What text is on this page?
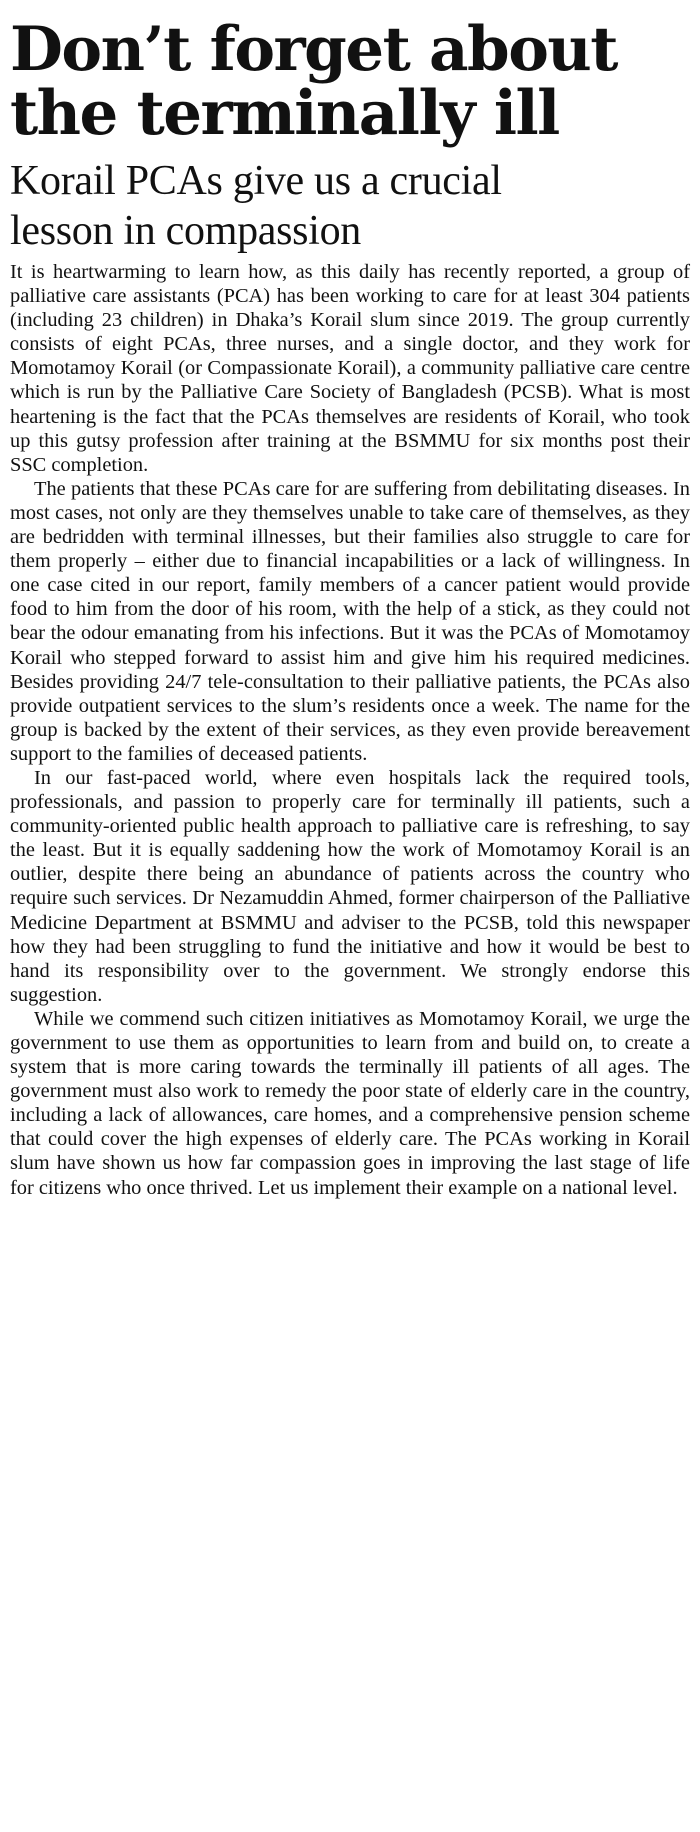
Don’t forget about the terminally ill
Korail PCAs give us a crucial lesson in compassion

It is heartwarming to learn how, as this daily has recently reported, a group of palliative care assistants (PCA) has been working to care for at least 304 patients (including 23 children) in Dhaka’s Korail slum since 2019. The group currently consists of eight PCAs, three nurses, and a single doctor, and they work for Momotamoy Korail (or Compassionate Korail), a community palliative care centre which is run by the Palliative Care Society of Bangladesh (PCSB). What is most heartening is the fact that the PCAs themselves are residents of Korail, who took up this gutsy profession after training at the BSMMU for six months post their SSC completion.

The patients that these PCAs care for are suffering from debilitating diseases. In most cases, not only are they themselves unable to take care of themselves, as they are bedridden with terminal illnesses, but their families also struggle to care for them properly – either due to financial incapabilities or a lack of willingness. In one case cited in our report, family members of a cancer patient would provide food to him from the door of his room, with the help of a stick, as they could not bear the odour emanating from his infections. But it was the PCAs of Momotamoy Korail who stepped forward to assist him and give him his required medicines. Besides providing 24/7 tele-consultation to their palliative patients, the PCAs also provide outpatient services to the slum’s residents once a week. The name for the group is backed by the extent of their services, as they even provide bereavement support to the families of deceased patients.

In our fast-paced world, where even hospitals lack the required tools, professionals, and passion to properly care for terminally ill patients, such a community-oriented public health approach to palliative care is refreshing, to say the least. But it is equally saddening how the work of Momotamoy Korail is an outlier, despite there being an abundance of patients across the country who require such services. Dr Nezamuddin Ahmed, former chairperson of the Palliative Medicine Department at BSMMU and adviser to the PCSB, told this newspaper how they had been struggling to fund the initiative and how it would be best to hand its responsibility over to the government. We strongly endorse this suggestion.

While we commend such citizen initiatives as Momotamoy Korail, we urge the government to use them as opportunities to learn from and build on, to create a system that is more caring towards the terminally ill patients of all ages. The government must also work to remedy the poor state of elderly care in the country, including a lack of allowances, care homes, and a comprehensive pension scheme that could cover the high expenses of elderly care. The PCAs working in Korail slum have shown us how far compassion goes in improving the last stage of life for citizens who once thrived. Let us implement their example on a national level.
